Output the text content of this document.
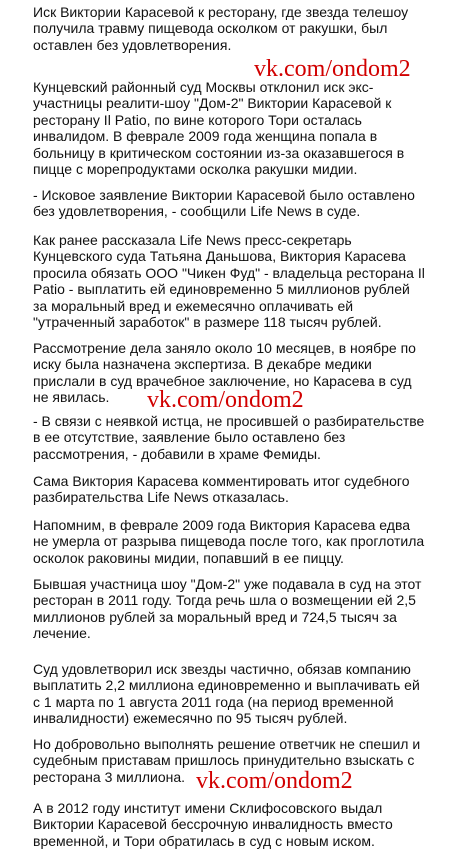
Иск Виктории Карасевой к ресторану, где звезда телешоу
получила травму пищевода осколком от ракушки, был
оставлен без удовлетворения.

Кунцевский районный суд Москвы отклонил иск экс-
участницы реалити-шоу "Дом-2" Виктории Карасевой к
ресторану Il Patio, по вине которого Тори осталась
инвалидом. В феврале 2009 года женщина попала в
больницу в критическом состоянии из-за оказавшегося в
пицце с морепродуктами осколка ракушки мидии.

- Исковое заявление Виктории Карасевой было оставлено
без удовлетворения, - сообщили Life News в суде.

Как ранее рассказала Life News пресс-секретарь
Кунцевского суда Татьяна Даньшова, Виктория Карасева
просила обязать ООО "Чикен Фуд" - владельца ресторана Il
Patio - выплатить ей единовременно 5 миллионов рублей
за моральный вред и ежемесячно оплачивать ей
"утраченный заработок" в размере 118 тысяч рублей.

Рассмотрение дела заняло около 10 месяцев, в ноябре по
иску была назначена экспертиза. В декабре медики
прислали в суд врачебное заключение, но Карасева в суд
не явилась.

- В связи с неявкой истца, не просившей о разбирательстве
в ее отсутствие, заявление было оставлено без
рассмотрения, - добавили в храме Фемиды.

Сама Виктория Карасева комментировать итог судебного
разбирательства Life News отказалась.

Напомним, в феврале 2009 года Виктория Карасева едва
не умерла от разрыва пищевода после того, как проглотила
осколок раковины мидии, попавший в ее пиццу.

Бывшая участница шоу "Дом-2" уже подавала в суд на этот
ресторан в 2011 году. Тогда речь шла о возмещении ей 2,5
миллионов рублей за моральный вред и 724,5 тысяч за
лечение.

Суд удовлетворил иск звезды частично, обязав компанию
выплатить 2,2 миллиона единовременно и выплачивать ей
с 1 марта по 1 августа 2011 года (на период временной
инвалидности) ежемесячно по 95 тысяч рублей.

Но добровольно выполнять решение ответчик не спешил и
судебным приставам пришлось принудительно взыскать с
ресторана 3 миллиона.

А в 2012 году институт имени Склифосовского выдал
Виктории Карасевой бессрочную инвалидность вместо
временной, и Тори обратилась в суд с новым иском.

vk.com/ondom2
vk.com/ondom2
vk.com/ondom2
